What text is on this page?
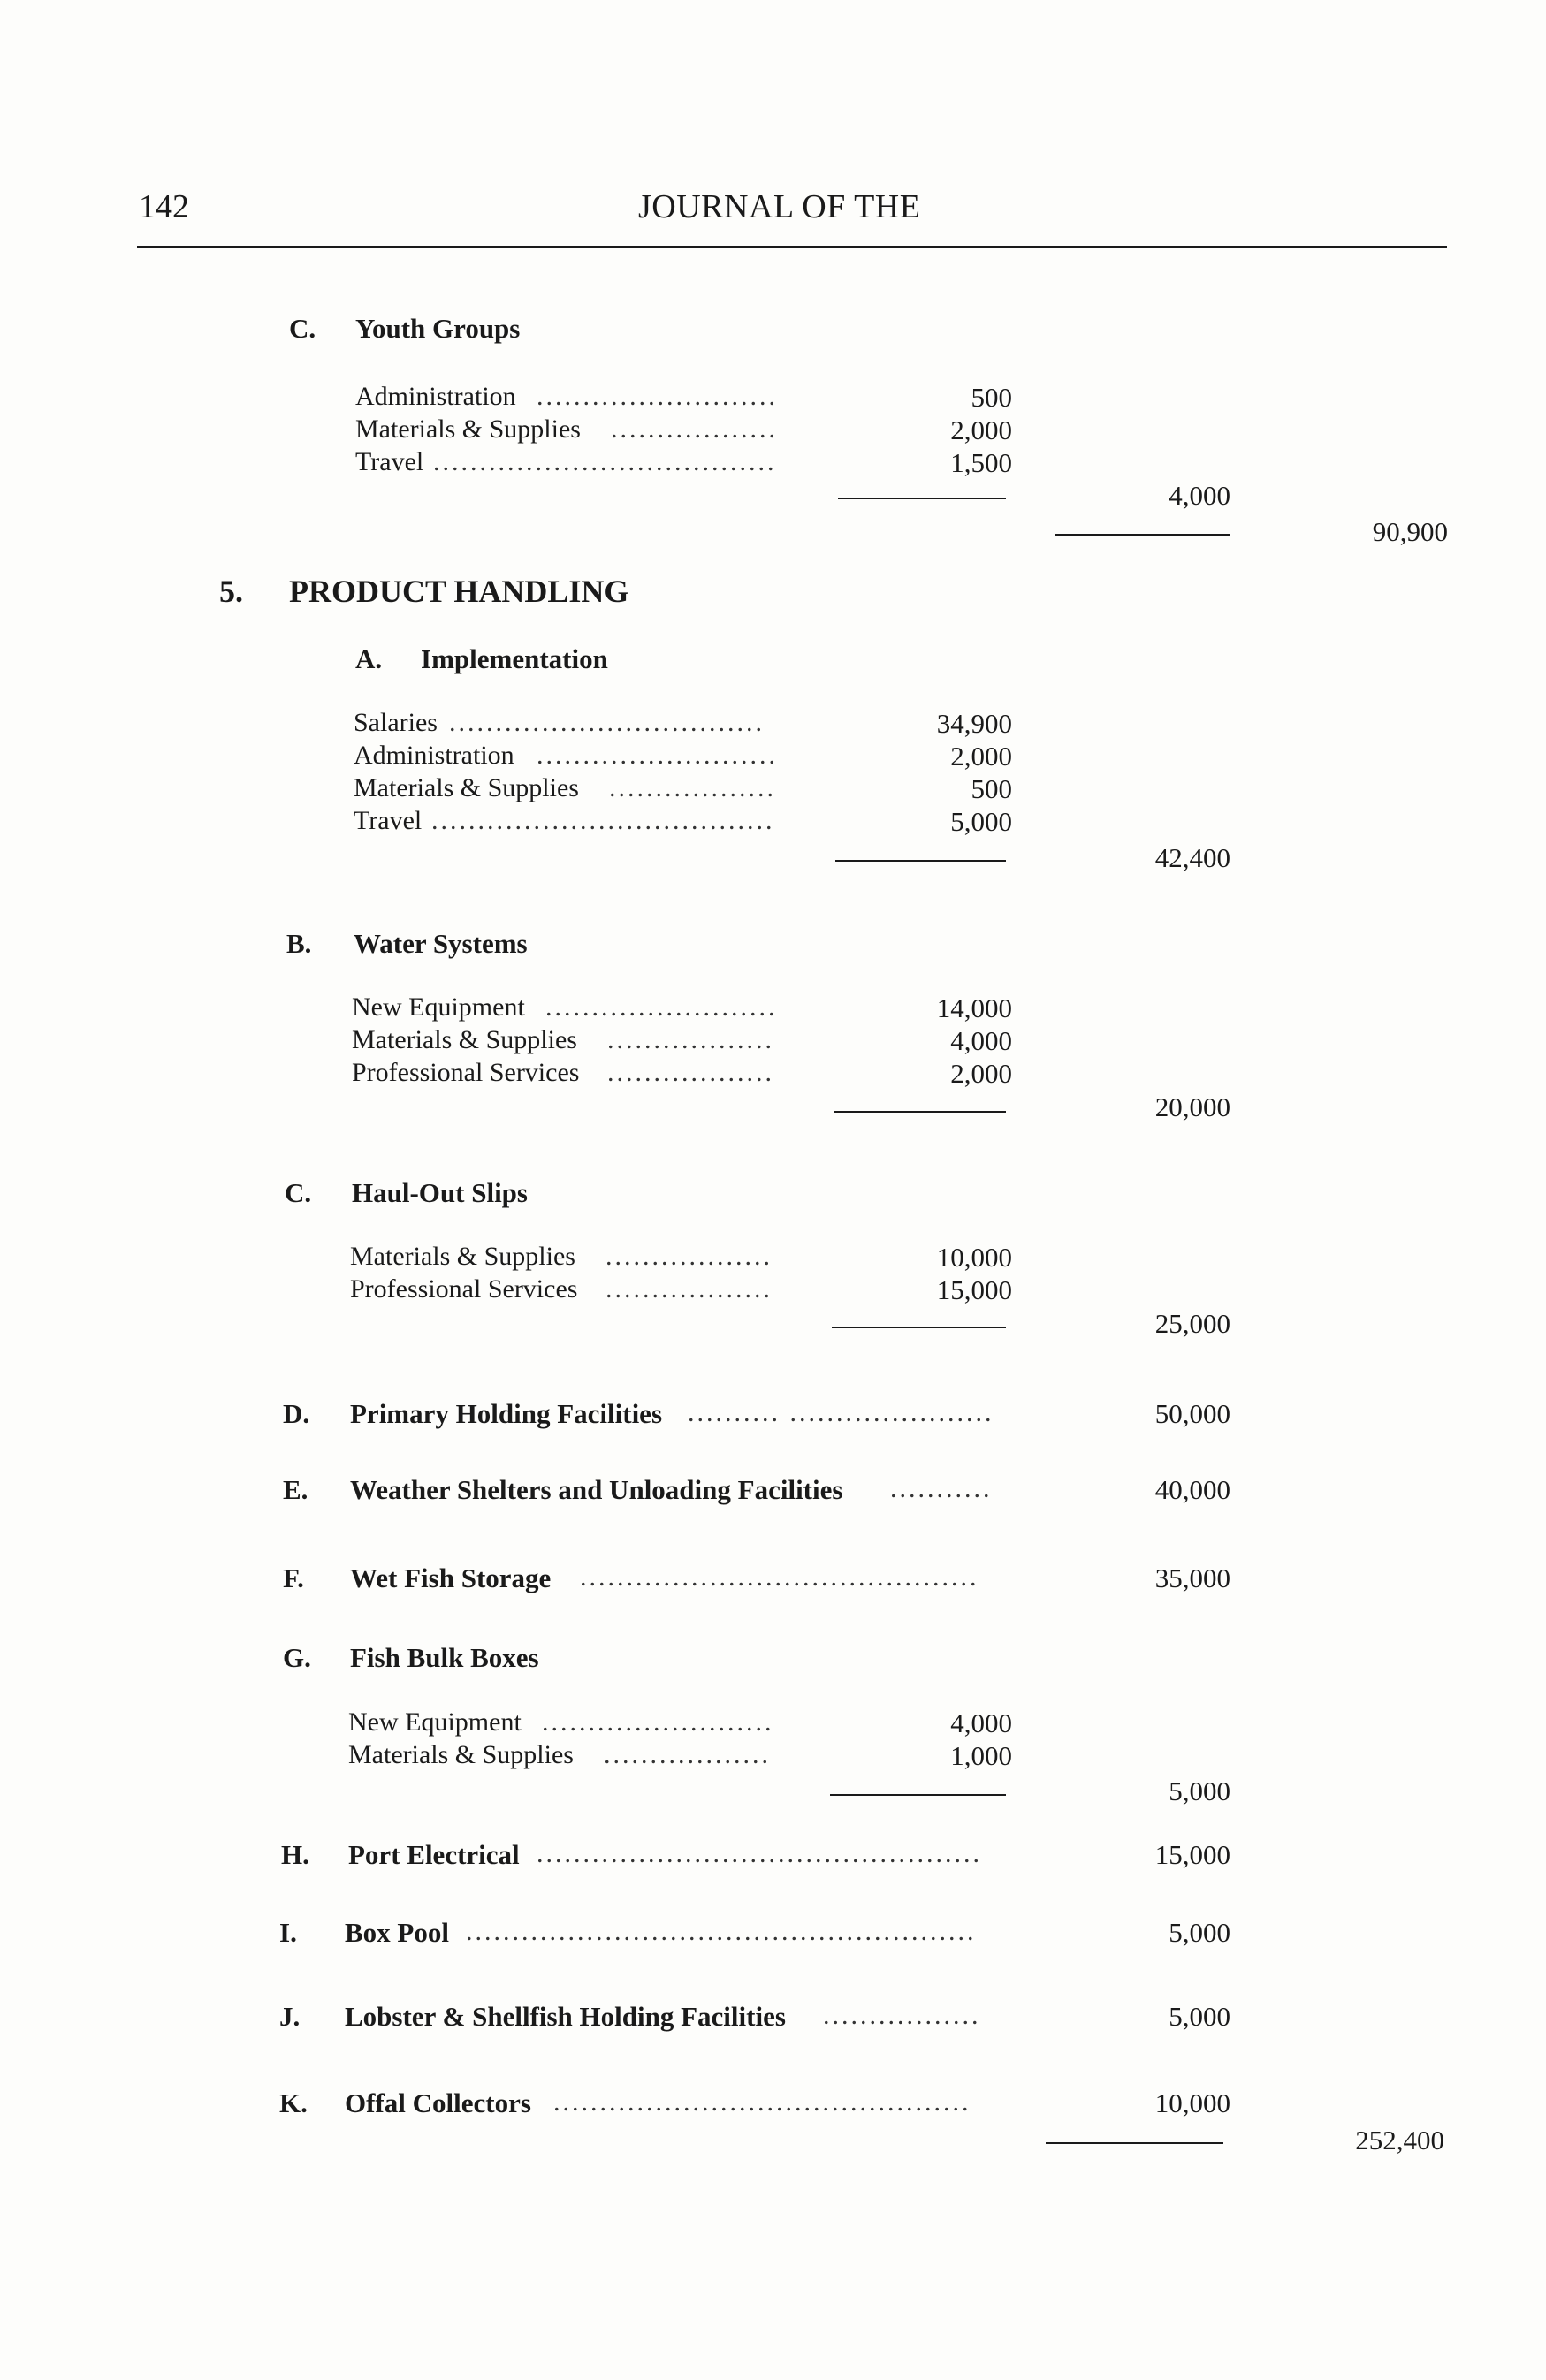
142	JOURNAL OF THE
C. Youth Groups
Administration ..........................	500
Materials & Supplies ..................	2,000
Travel .....................................	1,500
4,000
90,900
5. PRODUCT HANDLING
A. Implementation
Salaries ..................................	34,900
Administration ..........................	2,000
Materials & Supplies ..................	500
Travel .....................................	5,000
42,400
B. Water Systems
New Equipment .........................	14,000
Materials & Supplies ..................	4,000
Professional Services ..................	2,000
20,000
C. Haul-Out Slips
Materials & Supplies ..................	10,000
Professional Services ..................	15,000
25,000
D. Primary Holding Facilities .......... ......................	50,000
E. Weather Shelters and Unloading Facilities ...........	40,000
F. Wet Fish Storage ...........................................	35,000
G. Fish Bulk Boxes
New Equipment .........................	4,000
Materials & Supplies ..................	1,000
5,000
H. Port Electrical ................................................	15,000
I. Box Pool .......................................................	5,000
J. Lobster & Shellfish Holding Facilities .................	5,000
K. Offal Collectors .............................................	10,000
252,400
